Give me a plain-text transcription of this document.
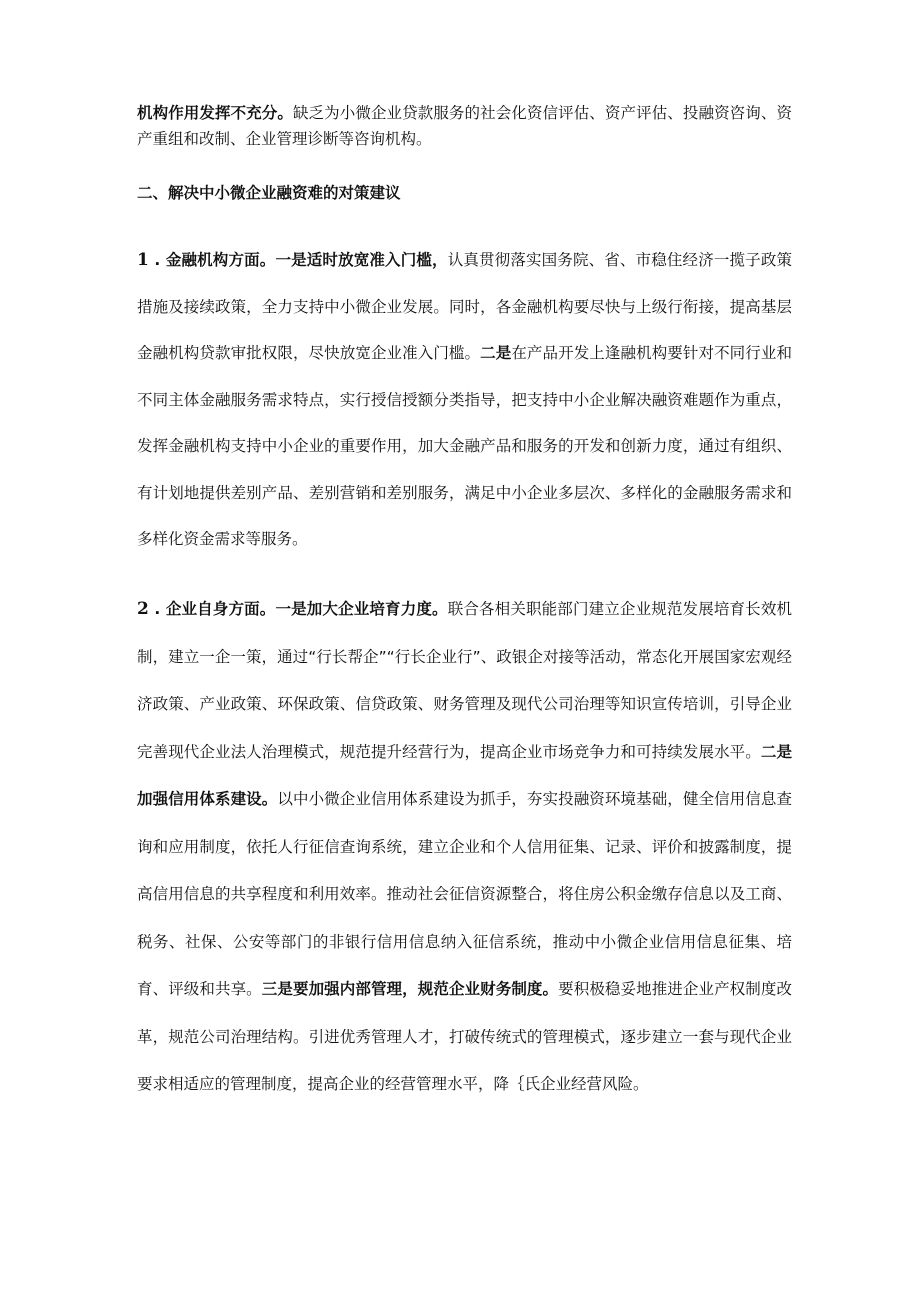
机构作用发挥不充分。缺乏为小微企业贷款服务的社会化资信评估、资产评估、投融资咨询、资产重组和改制、企业管理诊断等咨询机构。

二、解决中小微企业融资难的对策建议

1 . 金融机构方面。一是适时放宽准入门槛，认真贯彻落实国务院、省、市稳住经济一揽子政策措施及接续政策，全力支持中小微企业发展。同时，各金融机构要尽快与上级行衔接，提高基层金融机构贷款审批权限，尽快放宽企业准入门槛。二是在产品开发上逢融机构要针对不同行业和不同主体金融服务需求特点，实行授信授额分类指导，把支持中小企业解决融资难题作为重点，发挥金融机构支持中小企业的重要作用，加大金融产品和服务的开发和创新力度，通过有组织、有计划地提供差别产品、差别营销和差别服务，满足中小企业多层次、多样化的金融服务需求和多样化资金需求等服务。

2 . 企业自身方面。一是加大企业培育力度。联合各相关职能部门建立企业规范发展培育长效机制，建立一企一策，通过“行长帮企”“行长企业行”、政银企对接等活动，常态化开展国家宏观经济政策、产业政策、环保政策、信贷政策、财务管理及现代公司治理等知识宣传培训，引导企业完善现代企业法人治理模式，规范提升经营行为，提高企业市场竞争力和可持续发展水平。二是加强信用体系建设。以中小微企业信用体系建设为抓手，夯实投融资环境基础，健全信用信息查询和应用制度，依托人行征信查询系统，建立企业和个人信用征集、记录、评价和披露制度，提高信用信息的共享程度和利用效率。推动社会征信资源整合，将住房公积金缴存信息以及工商、税务、社保、公安等部门的非银行信用信息纳入征信系统，推动中小微企业信用信息征集、培育、评级和共享。三是要加强内部管理，规范企业财务制度。要积极稳妥地推进企业产权制度改革，规范公司治理结构。引进优秀管理人才，打破传统式的管理模式，逐步建立一套与现代企业要求相适应的管理制度，提高企业的经营管理水平，降｛氏企业经营风险。
